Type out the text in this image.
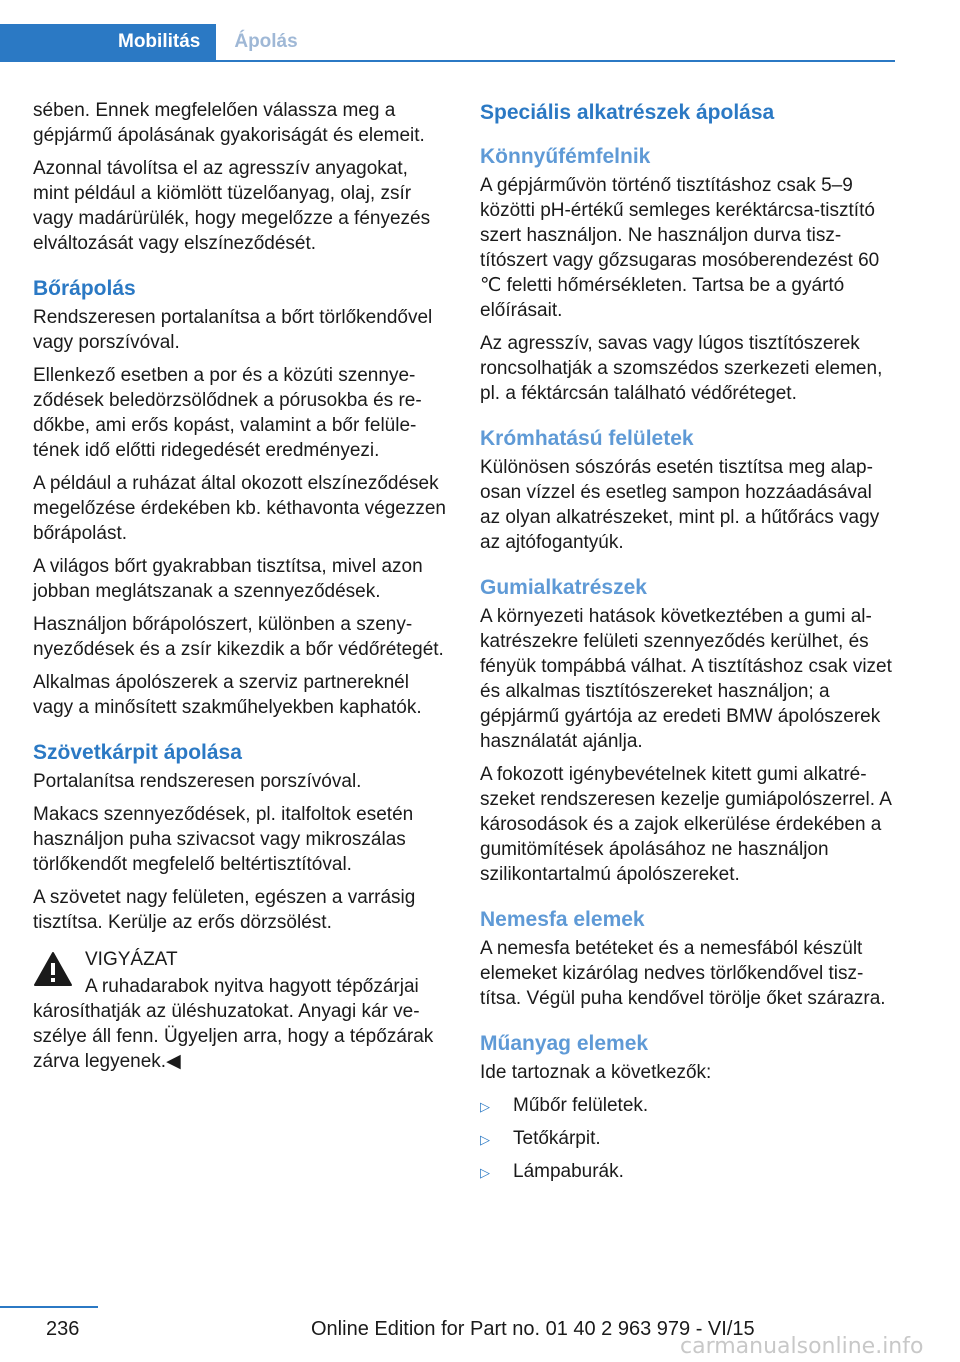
Mobilitás	Ápolás

sében. Ennek megfelelően válassza meg a gépjármű ápolásának gyakoriságát és elemeit.

Azonnal távolítsa el az agresszív anyagokat, mint például a kiömlött tüzelőanyag, olaj, zsír vagy madárürülék, hogy megelőzze a fényezés elváltozását vagy elszíneződését.

Bőrápolás

Rendszeresen portalanítsa a bőrt törlőkendővel vagy porszívóval.

Ellenkező esetben a por és a közúti szennyeződések beledörzsölődnek a pórusokba és redőkbe, ami erős kopást, valamint a bőr felületének idő előtti ridegedését eredményezi.

A például a ruházat által okozott elszíneződések megelőzése érdekében kb. kéthavonta végezzen bőrápolást.

A világos bőrt gyakrabban tisztítsa, mivel azon jobban meglátszanak a szennyeződések.

Használjon bőrápolószert, különben a szenynyeződések és a zsír kikezdik a bőr védőrétegét.

Alkalmas ápolószerek a szerviz partnereknél vagy a minősített szakműhelyekben kaphatók.

Szövetkárpit ápolása

Portalanítsa rendszeresen porszívóval.

Makacs szennyeződések, pl. italfoltok esetén használjon puha szivacsot vagy mikroszálas törlőkendőt megfelelő beltértisztítóval.

A szövetet nagy felületen, egészen a varrásig tisztítsa. Kerülje az erős dörzsölést.

VIGYÁZAT
A ruhadarabok nyitva hagyott tépőzárjai károsíthatják az üléshuzatokat. Anyagi kár veszélye áll fenn. Ügyeljen arra, hogy a tépőzárak zárva legyenek.◀
Speciális alkatrészek ápolása
Könnyűfémfelnik

A gépjárművön történő tisztításhoz csak 5–9 közötti pH-értékű semleges keréktárcsa-tisztító szert használjon. Ne használjon durva tisztítószert vagy gőzsugaras mosóberendezést 60 ℃ feletti hőmérsékleten. Tartsa be a gyártó előírásait.

Az agresszív, savas vagy lúgos tisztítószerek roncsolhatják a szomszédos szerkezeti elemen, pl. a féktárcsán található védőréteget.

Krómhatású felületek

Különösen sószórás esetén tisztítsa meg alaposan vízzel és esetleg sampon hozzáadásával az olyan alkatrészeket, mint pl. a hűtőrács vagy az ajtófogantyúk.

Gumialkatrészek

A környezeti hatások következtében a gumi alkatrészekre felületi szennyeződés kerülhet, és fényük tompábbá válhat. A tisztításhoz csak vizet és alkalmas tisztítószereket használjon; a gépjármű gyártója az eredeti BMW ápolószerek használatát ajánlja.

A fokozott igénybevételnek kitett gumi alkatrészeket rendszeresen kezelje gumiápolószerrel. A károsodások és a zajok elkerülése érdekében a gumitömítések ápolásához ne használjon szilikontartalmú ápolószereket.

Nemesfa elemek

A nemesfa betéteket és a nemesfából készült elemeket kizárólag nedves törlőkendővel tisztítsa. Végül puha kendővel törölje őket szárazra.

Műanyag elemek

Ide tartoznak a következők:

▷	Műbőr felületek.
▷	Tetőkárpit.
▷	Lámpaburák.
236	Online Edition for Part no. 01 40 2 963 979 - VI/15
carmanualsonline.info
